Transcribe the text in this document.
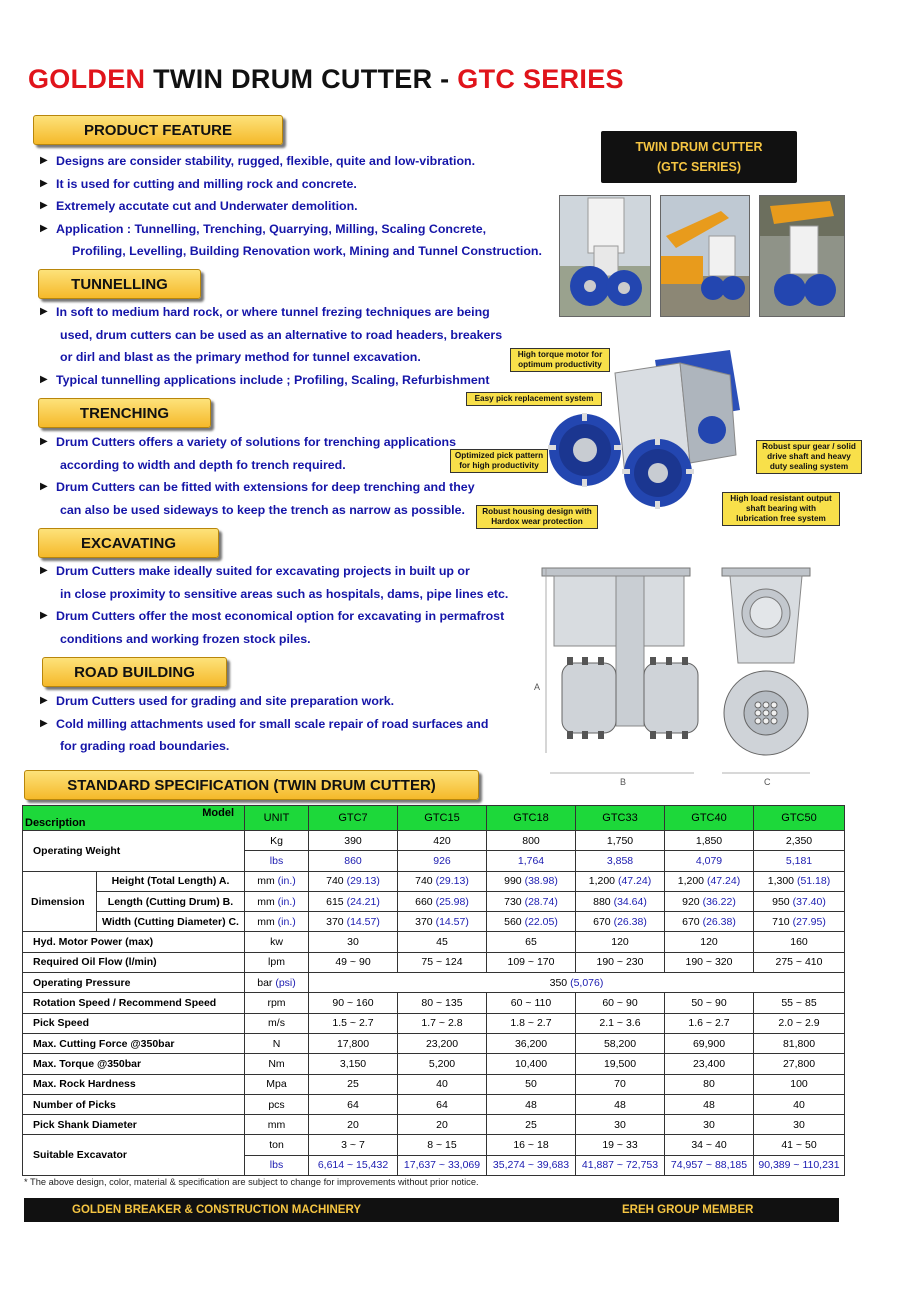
GOLDEN TWIN DRUM CUTTER - GTC SERIES
PRODUCT FEATURE
▶ Designs are consider stability, rugged, flexible, quite and low-vibration.
▶ It is used for cutting and milling rock and concrete.
▶ Extremely accutate cut and Underwater demolition.
▶ Application : Tunnelling, Trenching, Quarrying, Milling, Scaling Concrete,
Profiling, Levelling, Building Renovation work, Mining and Tunnel Construction.
TUNNELLING
▶ In soft to medium hard rock, or where tunnel frezing techniques are being
used, drum cutters can be used as an alternative to road headers, breakers
or dirl and blast as the primary method for tunnel excavation.
▶ Typical tunnelling applications include ; Profiling, Scaling, Refurbishment
TRENCHING
▶ Drum Cutters offers a variety of solutions for trenching applications
according to width and depth fo trench required.
▶ Drum Cutters can be fitted with extensions for deep trenching and they
can also be used sideways to keep the trench as narrow as possible.
EXCAVATING
▶ Drum Cutters make ideally suited for excavating projects in built up or
in close proximity to sensitive areas such as hospitals, dams, pipe lines etc.
▶ Drum Cutters offer the most economical option for excavating in permafrost
conditions and working frozen stock piles.
ROAD BUILDING
▶ Drum Cutters used for grading and site preparation work.
▶ Cold milling attachments used for small scale repair of road surfaces and
for grading road boundaries.
TWIN DRUM CUTTER
(GTC SERIES)
High torque motor for optimum productivity
Easy pick replacement system
Optimized pick pattern for high productivity
Robust spur gear / solid drive shaft and heavy duty sealing system
High load resistant output shaft bearing with lubrication free system
Robust housing design with Hardox wear protection
A
B	C
STANDARD SPECIFICATION (TWIN DRUM CUTTER)
Model
Description		UNIT	GTC7	GTC15	GTC18	GTC33	GTC40	GTC50
Operating Weight		Kg	390	420	800	1,750	1,850	2,350
		lbs	860	926	1,764	3,858	4,079	5,181
Dimension	Height (Total Length) A.	mm (in.)	740 (29.13)	740 (29.13)	990 (38.98)	1,200 (47.24)	1,200 (47.24)	1,300 (51.18)
	Length (Cutting Drum) B.	mm (in.)	615 (24.21)	660 (25.98)	730 (28.74)	880 (34.64)	920 (36.22)	950 (37.40)
	Width (Cutting Diameter) C.	mm (in.)	370 (14.57)	370 (14.57)	560 (22.05)	670 (26.38)	670 (26.38)	710 (27.95)
Hyd. Motor Power (max)		kw	30	45	65	120	120	160
Required Oil Flow (l/min)		lpm	49 ~ 90	75 ~ 124	109 ~ 170	190 ~ 230	190 ~ 320	275 ~ 410
Operating Pressure		bar (psi)	350 (5,076)					
Rotation Speed / Recommend Speed		rpm	90 ~ 160	80 ~ 135	60 ~ 110	60 ~ 90	50 ~ 90	55 ~ 85
Pick Speed		m/s	1.5 ~ 2.7	1.7 ~ 2.8	1.8 ~ 2.7	2.1 ~ 3.6	1.6 ~ 2.7	2.0 ~ 2.9
Max. Cutting Force @350bar		N	17,800	23,200	36,200	58,200	69,900	81,800
Max. Torque @350bar		Nm	3,150	5,200	10,400	19,500	23,400	27,800
Max. Rock Hardness		Mpa	25	40	50	70	80	100
Number of Picks		pcs	64	64	48	48	48	40
Pick Shank Diameter		mm	20	20	25	30	30	30
Suitable Excavator		ton	3 ~ 7	8 ~ 15	16 ~ 18	19 ~ 33	34 ~ 40	41 ~ 50
		lbs	6,614 ~ 15,432	17,637 ~ 33,069	35,274 ~ 39,683	41,887 ~ 72,753	74,957 ~ 88,185	90,389 ~ 110,231
* The above design, color, material & specification are subject to change for improvements without prior notice.
GOLDEN BREAKER & CONSTRUCTION MACHINERY	EREH GROUP MEMBER
